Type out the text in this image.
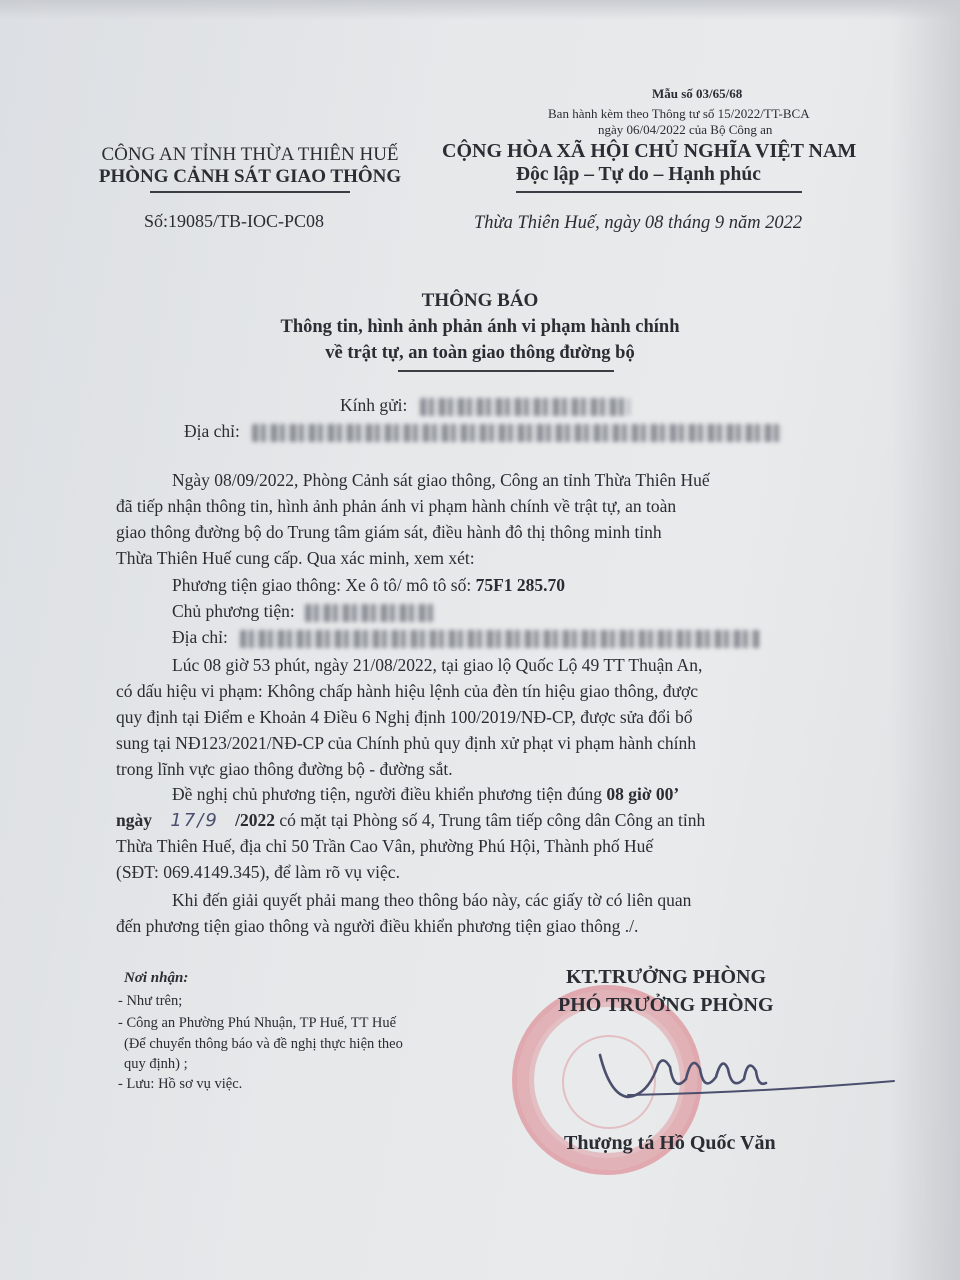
Mẫu số 03/65/68
Ban hành kèm theo Thông tư số 15/2022/TT-BCA
ngày 06/04/2022 của Bộ Công an
CÔNG AN TỈNH THỪA THIÊN HUẾ
PHÒNG CẢNH SÁT GIAO THÔNG
Số:19085/TB-IOC-PC08
CỘNG HÒA XÃ HỘI CHỦ NGHĨA VIỆT NAM
Độc lập – Tự do – Hạnh phúc
Thừa Thiên Huế, ngày 08 tháng 9 năm 2022
THÔNG BÁO
Thông tin, hình ảnh phản ánh vi phạm hành chính
về trật tự, an toàn giao thông đường bộ
Kính gửi:
Địa chỉ:
Ngày 08/09/2022, Phòng Cảnh sát giao thông, Công an tỉnh Thừa Thiên Huế
đã tiếp nhận thông tin, hình ảnh phản ánh vi phạm hành chính về trật tự, an toàn
giao thông đường bộ do Trung tâm giám sát, điều hành đô thị thông minh tỉnh
Thừa Thiên Huế cung cấp. Qua xác minh, xem xét:
Phương tiện giao thông: Xe ô tô/ mô tô số: 75F1 285.70
Chủ phương tiện:
Địa chỉ:
Lúc 08 giờ 53 phút, ngày 21/08/2022, tại giao lộ Quốc Lộ 49 TT Thuận An,
có dấu hiệu vi phạm: Không chấp hành hiệu lệnh của đèn tín hiệu giao thông, được
quy định tại Điểm e Khoản 4 Điều 6 Nghị định 100/2019/NĐ-CP, được sửa đổi bổ
sung tại NĐ123/2021/NĐ-CP của Chính phủ quy định xử phạt vi phạm hành chính
trong lĩnh vực giao thông đường bộ - đường sắt.
Đề nghị chủ phương tiện, người điều khiển phương tiện đúng 08 giờ 00’
ngày 17/9 /2022 có mặt tại Phòng số 4, Trung tâm tiếp công dân Công an tỉnh
Thừa Thiên Huế, địa chỉ 50 Trần Cao Vân, phường Phú Hội, Thành phố Huế
(SĐT: 069.4149.345), để làm rõ vụ việc.
Khi đến giải quyết phải mang theo thông báo này, các giấy tờ có liên quan
đến phương tiện giao thông và người điều khiển phương tiện giao thông ./.
Nơi nhận:
- Như trên;
- Công an Phường Phú Nhuận, TP Huế, TT Huế
(Để chuyển thông báo và đề nghị thực hiện theo
quy định) ;
- Lưu: Hồ sơ vụ việc.
KT.TRƯỞNG PHÒNG
PHÓ TRƯỞNG PHÒNG
Thượng tá Hồ Quốc Văn
